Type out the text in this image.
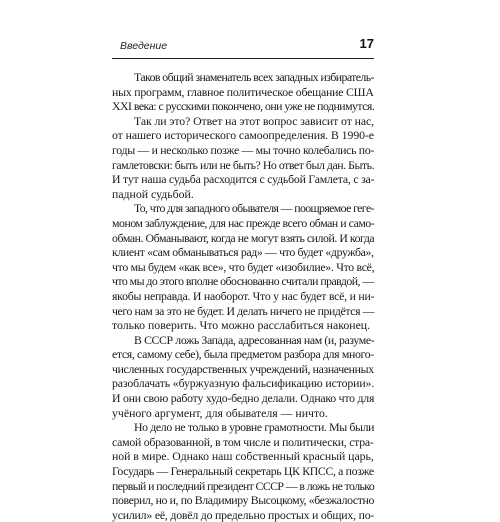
Введение	17
Таков общий знаменатель всех западных избиратель-
ных программ, главное политическое обещание США
XXI века: с русскими покончено, они уже не поднимутся.
Так ли это? Ответ на этот вопрос зависит от нас,
от нашего исторического самоопределения. В 1990-е
годы — и несколько позже — мы точно колебались по-
гамлетовски: быть или не быть? Но ответ был дан. Быть.
И тут наша судьба расходится с судьбой Гамлета, с за-
падной судьбой.
То, что для западного обывателя — поощряемое гегe-
моном заблуждение, для нас прежде всего обман и само-
обман. Обманывают, когда не могут взять силой. И когда
клиент «сам обманываться рад» — что будет «дружба»,
что мы будем «как все», что будет «изобилие». Что всё,
что мы до этого вполне обоснованно считали правдой, —
якобы неправда. И наоборот. Что у нас будет всё, и ни-
чего нам за это не будет. И делать ничего не придётся —
только поверить. Что можно расслабиться наконец.
В СССР ложь Запада, адресованная нам (и, разуме-
ется, самому себе), была предметом разбора для много-
численных государственных учреждений, назначенных
разоблачать «буржуазную фальсификацию истории».
И они свою работу худо-бедно делали. Однако что для
учёного аргумент, для обывателя — ничто.
Но дело не только в уровне грамотности. Мы были
самой образованной, в том числе и политически, стра-
ной в мире. Однако наш собственный красный царь,
Государь — Генеральный секретарь ЦК КПСС, а позже
первый и последний президент СССР — в ложь не только
поверил, но и, по Владимиру Высоцкому, «безжалостно
усилил» её, довёл до предельно простых и общих, по-
